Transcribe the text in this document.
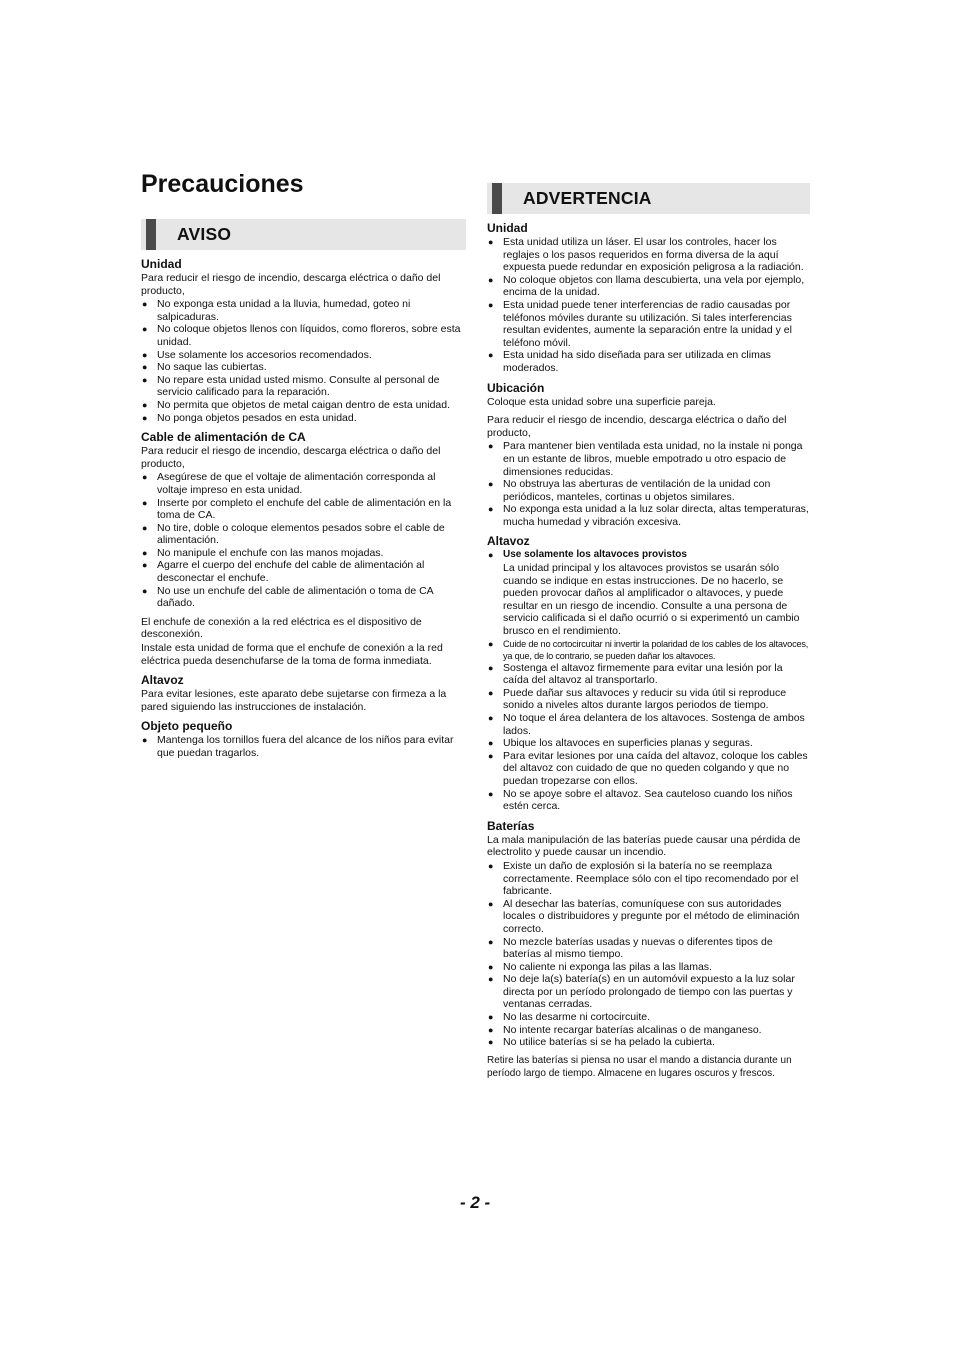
Precauciones
AVISO
Unidad

Para reducir el riesgo de incendio, descarga eléctrica o daño del producto,

● No exponga esta unidad a la lluvia, humedad, goteo ni salpicaduras.
● No coloque objetos llenos con líquidos, como floreros, sobre esta unidad.
● Use solamente los accesorios recomendados.
● No saque las cubiertas.
● No repare esta unidad usted mismo. Consulte al personal de servicio calificado para la reparación.
● No permita que objetos de metal caigan dentro de esta unidad.
● No ponga objetos pesados en esta unidad.
Cable de alimentación de CA

Para reducir el riesgo de incendio, descarga eléctrica o daño del producto,

● Asegúrese de que el voltaje de alimentación corresponda al voltaje impreso en esta unidad.
● Inserte por completo el enchufe del cable de alimentación en la toma de CA.
● No tire, doble o coloque elementos pesados sobre el cable de alimentación.
● No manipule el enchufe con las manos mojadas.
● Agarre el cuerpo del enchufe del cable de alimentación al desconectar el enchufe.
● No use un enchufe del cable de alimentación o toma de CA dañado.

El enchufe de conexión a la red eléctrica es el dispositivo de desconexión.

Instale esta unidad de forma que el enchufe de conexión a la red eléctrica pueda desenchufarse de la toma de forma inmediata.

Altavoz

Para evitar lesiones, este aparato debe sujetarse con firmeza a la pared siguiendo las instrucciones de instalación.

Objeto pequeño
● Mantenga los tornillos fuera del alcance de los niños para evitar que puedan tragarlos.
ADVERTENCIA
Unidad
● Esta unidad utiliza un láser. El usar los controles, hacer los reglajes o los pasos requeridos en forma diversa de la aquí expuesta puede redundar en exposición peligrosa a la radiación.
● No coloque objetos con llama descubierta, una vela por ejemplo, encima de la unidad.
● Esta unidad puede tener interferencias de radio causadas por teléfonos móviles durante su utilización. Si tales interferencias resultan evidentes, aumente la separación entre la unidad y el teléfono móvil.
● Esta unidad ha sido diseñada para ser utilizada en climas moderados.
Ubicación

Coloque esta unidad sobre una superficie pareja.

Para reducir el riesgo de incendio, descarga eléctrica o daño del producto,

● Para mantener bien ventilada esta unidad, no la instale ni ponga en un estante de libros, mueble empotrado u otro espacio de dimensiones reducidas.
● No obstruya las aberturas de ventilación de la unidad con periódicos, manteles, cortinas u objetos similares.
● No exponga esta unidad a la luz solar directa, altas temperaturas, mucha humedad y vibración excesiva.
Altavoz
● Use solamente los altavoces provistos
La unidad principal y los altavoces provistos se usarán sólo cuando se indique en estas instrucciones. De no hacerlo, se pueden provocar daños al amplificador o altavoces, y puede resultar en un riesgo de incendio. Consulte a una persona de servicio calificada si el daño ocurrió o si experimentó un cambio brusco en el rendimiento.
● Cuide de no cortocircuitar ni invertir la polaridad de los cables de los altavoces, ya que, de lo contrario, se pueden dañar los altavoces.
● Sostenga el altavoz firmemente para evitar una lesión por la caída del altavoz al transportarlo.
● Puede dañar sus altavoces y reducir su vida útil si reproduce sonido a niveles altos durante largos periodos de tiempo.
● No toque el área delantera de los altavoces. Sostenga de ambos lados.
● Ubique los altavoces en superficies planas y seguras.
● Para evitar lesiones por una caída del altavoz, coloque los cables del altavoz con cuidado de que no queden colgando y que no puedan tropezarse con ellos.
● No se apoye sobre el altavoz. Sea cauteloso cuando los niños estén cerca.
Baterías

La mala manipulación de las baterías puede causar una pérdida de electrolito y puede causar un incendio.

● Existe un daño de explosión si la batería no se reemplaza correctamente. Reemplace sólo con el tipo recomendado por el fabricante.
● Al desechar las baterías, comuníquese con sus autoridades locales o distribuidores y pregunte por el método de eliminación correcto.
● No mezcle baterías usadas y nuevas o diferentes tipos de baterías al mismo tiempo.
● No caliente ni exponga las pilas a las llamas.
● No deje la(s) batería(s) en un automóvil expuesto a la luz solar directa por un período prolongado de tiempo con las puertas y ventanas cerradas.
● No las desarme ni cortocircuite.
● No intente recargar baterías alcalinas o de manganeso.
● No utilice baterías si se ha pelado la cubierta.

Retire las baterías si piensa no usar el mando a distancia durante un período largo de tiempo. Almacene en lugares oscuros y frescos.

- 2 -
